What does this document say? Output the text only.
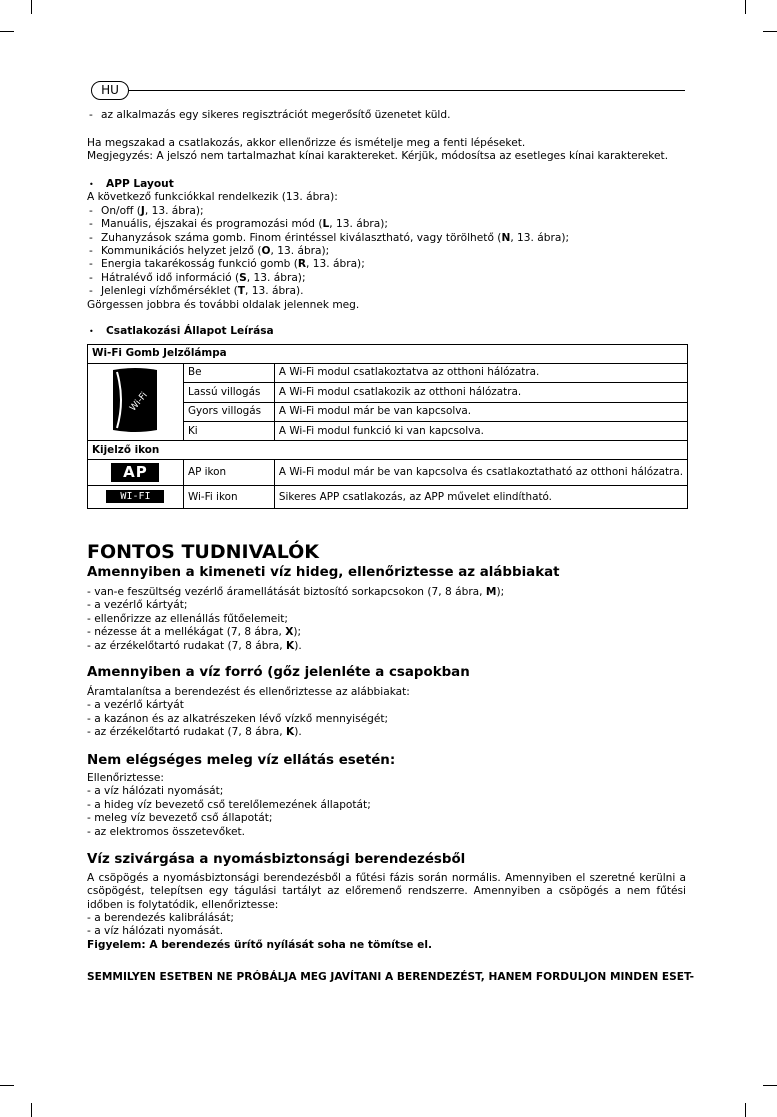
HU
- az alkalmazás egy sikeres regisztrációt megerősítő üzenetet küld.
Ha megszakad a csatlakozás, akkor ellenőrizze és ismételje meg a fenti lépéseket.
Megjegyzés: A jelszó nem tartalmazhat kínai karaktereket. Kérjük, módosítsa az esetleges kínai karaktereket.
• APP Layout
A következő funkciókkal rendelkezik (13. ábra):
- On/off (J, 13. ábra);
- Manuális, éjszakai és programozási mód (L, 13. ábra);
- Zuhanyzások száma gomb. Finom érintéssel kiválasztható, vagy törölhető (N, 13. ábra);
- Kommunikációs helyzet jelző (O, 13. ábra);
- Energia takarékosság funkció gomb (R, 13. ábra);
- Hátralévő idő információ (S, 13. ábra);
- Jelenlegi vízhőmérséklet (T, 13. ábra).
Görgessen jobbra és további oldalak jelennek meg.
• Csatlakozási Állapot Leírása
Wi-Fi Gomb Jelzőlámpa		

Wi-Fi	Be	A Wi-Fi modul csatlakoztatva az otthoni hálózatra.
	Lassú villogás	A Wi-Fi modul csatlakozik az otthoni hálózatra.
	Gyors villogás	A Wi-Fi modul már be van kapcsolva.
	Ki	A Wi-Fi modul funkció ki van kapcsolva.
Kijelző ikon		
AP	AP ikon	A Wi-Fi modul már be van kapcsolva és csatlakoztatható az otthoni hálózatra.
WI-FI	Wi-Fi ikon	Sikeres APP csatlakozás, az APP művelet elindítható.
FONTOS TUDNIVALÓK
Amennyiben a kimeneti víz hideg, ellenőriztesse az alábbiakat
- van-e feszültség vezérlő áramellátását biztosító sorkapcsokon (7, 8 ábra, M);
- a vezérlő kártyát;
- ellenőrizze az ellenállás fűtőelemeit;
- nézesse át a mellékágat (7, 8 ábra, X);
- az érzékelőtartó rudakat (7, 8 ábra, K).
Amennyiben a víz forró (gőz jelenléte a csapokban
Áramtalanítsa a berendezést és ellenőriztesse az alábbiakat:
- a vezérlő kártyát
- a kazánon és az alkatrészeken lévő vízkő mennyiségét;
- az érzékelőtartó rudakat (7, 8 ábra, K).
Nem elégséges meleg víz ellátás esetén:
Ellenőriztesse:
- a víz hálózati nyomását;
- a hideg víz bevezető cső terelőlemezének állapotát;
- meleg víz bevezető cső állapotát;
- az elektromos összetevőket.
Víz szivárgása a nyomásbiztonsági berendezésből
A csöpögés a nyomásbiztonsági berendezésből a fűtési fázis során normális. Amennyiben el szeretné kerülni a csöpögést, telepítsen egy tágulási tartályt az előremenő rendszerre. Amennyiben a csöpögés a nem fűtési időben is folytatódik, ellenőriztesse:
- a berendezés kalibrálását;
- a víz hálózati nyomását.
Figyelem: A berendezés ürítő nyílását soha ne tömítse el.
SEMMILYEN ESETBEN NE PRÓBÁLJA MEG JAVÍTANI A BERENDEZÉST, HANEM FORDULJON MINDEN ESET-
